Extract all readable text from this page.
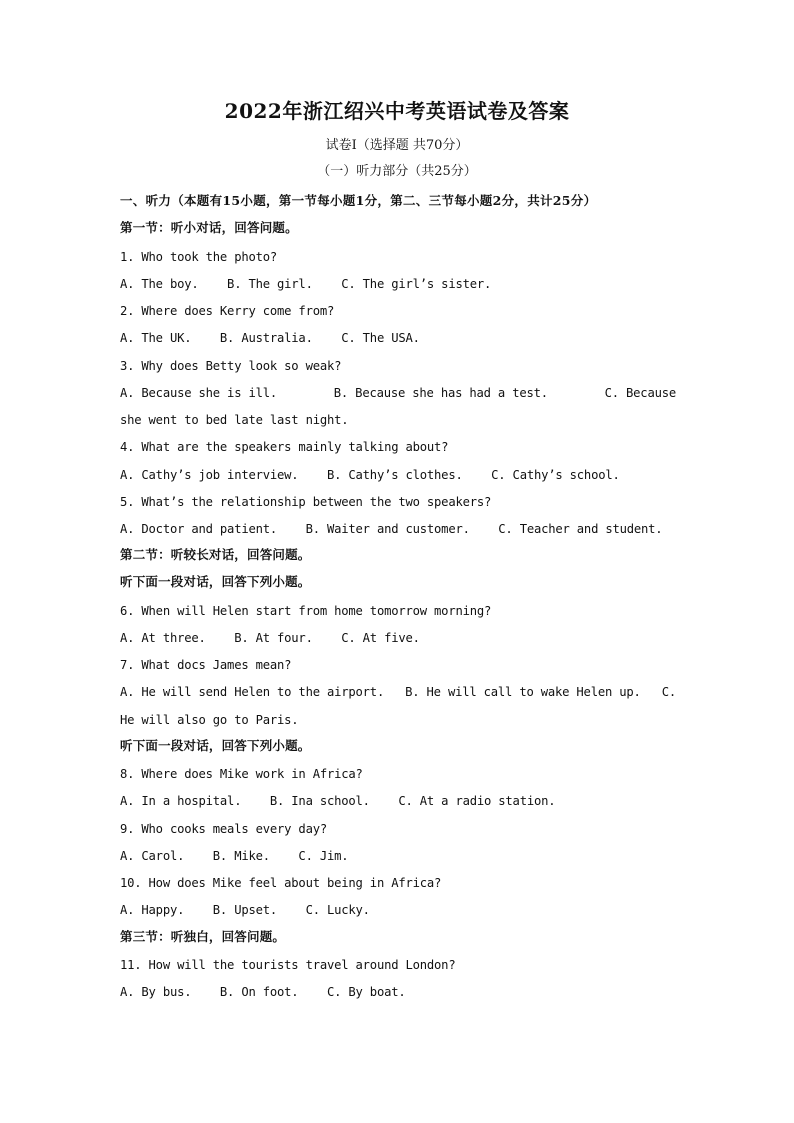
2022年浙江绍兴中考英语试卷及答案
试卷Ⅰ（选择题 共70分）
（一）听力部分（共25分）
一、听力（本题有15小题，第一节每小题1分，第二、三节每小题2分，共计25分）
第一节：听小对话，回答问题。
1. Who took the photo?
A. The boy.    B. The girl.    C. The girl’s sister.
2. Where does Kerry come from?
A. The UK.    B. Australia.    C. The USA.
3. Why does Betty look so weak?
A. Because she is ill.	B. Because she has had a test.	C. Because
she went to bed late last night.
4. What are the speakers mainly talking about?
A. Cathy’s job interview.    B. Cathy’s clothes.    C. Cathy’s school.
5. What’s the relationship between the two speakers?
A. Doctor and patient.    B. Waiter and customer.    C. Teacher and student.
第二节：听较长对话，回答问题。
听下面一段对话，回答下列小题。
6. When will Helen start from home tomorrow morning?
A. At three.    B. At four.    C. At five.
7. What docs James mean?
A. He will send Helen to the airport. B. He will call to wake Helen up. C.
He will also go to Paris.
听下面一段对话，回答下列小题。
8. Where does Mike work in Africa?
A. In a hospital.    B. Ina school.    C. At a radio station.
9. Who cooks meals every day?
A. Carol.    B. Mike.    C. Jim.
10. How does Mike feel about being in Africa?
A. Happy.    B. Upset.    C. Lucky.
第三节：听独白，回答问题。
11. How will the tourists travel around London?
A. By bus.    B. On foot.    C. By boat.
